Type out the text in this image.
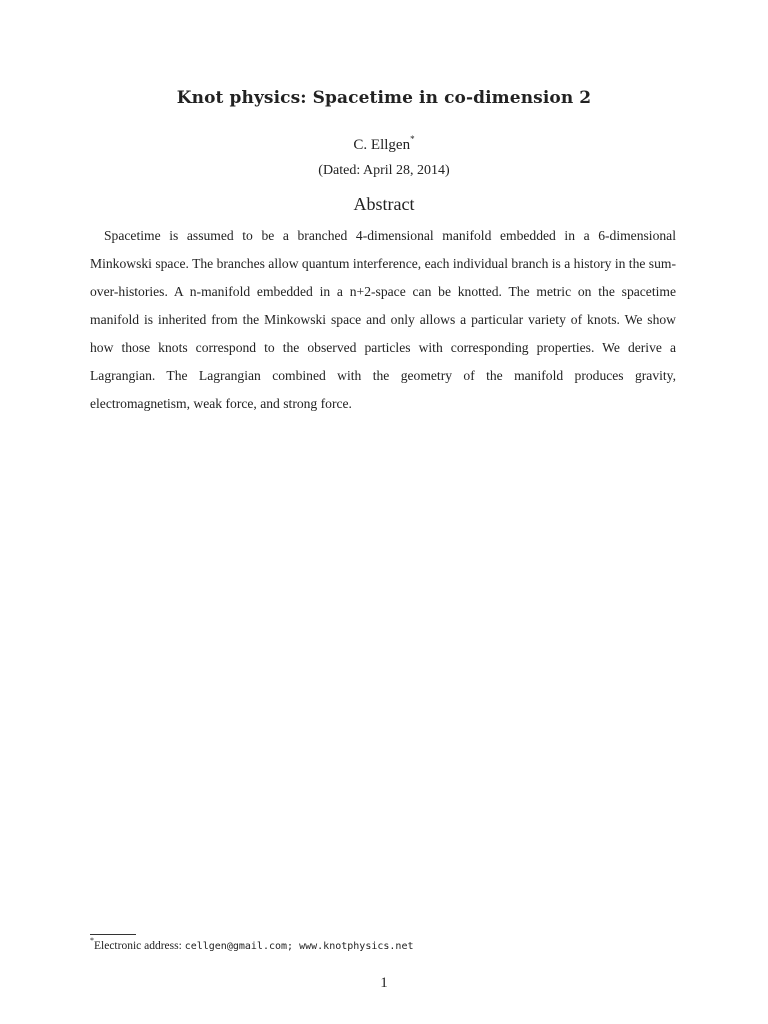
Knot physics: Spacetime in co-dimension 2
C. Ellgen*
(Dated: April 28, 2014)
Abstract

Spacetime is assumed to be a branched 4-dimensional manifold embedded in a 6-dimensional Minkowski space. The branches allow quantum interference, each individual branch is a history in the sum-over-histories. A n-manifold embedded in a n+2-space can be knotted. The metric on the spacetime manifold is inherited from the Minkowski space and only allows a particular variety of knots. We show how those knots correspond to the observed particles with corresponding properties. We derive a Lagrangian. The Lagrangian combined with the geometry of the manifold produces gravity, electromagnetism, weak force, and strong force.

*Electronic address: cellgen@gmail.com; www.knotphysics.net
1
